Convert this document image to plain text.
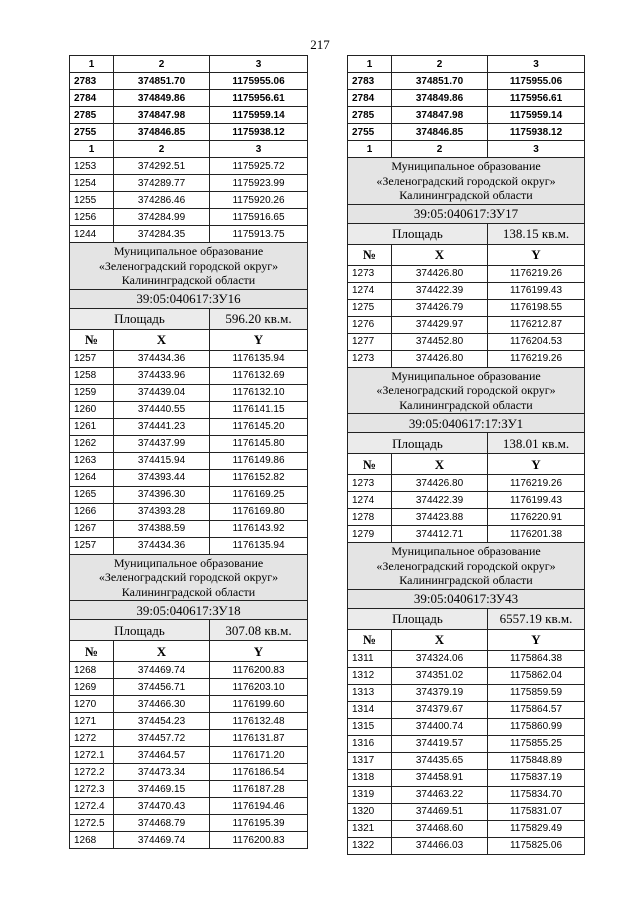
217
1	2	3
2783	374851.70	1175955.06
2784	374849.86	1175956.61
2785	374847.98	1175959.14
2755	374846.85	1175938.12
1	2	3
1253	374292.51	1175925.72
1254	374289.77	1175923.99
1255	374286.46	1175920.26
1256	374284.99	1175916.65
1244	374284.35	1175913.75
Муниципальное образование «Зеленоградский городской округ» Калининградской области		
39:05:040617:ЗУ16		
Площадь		596.20 кв.м.
№	X	Y
1257	374434.36	1176135.94
1258	374433.96	1176132.69
1259	374439.04	1176132.10
1260	374440.55	1176141.15
1261	374441.23	1176145.20
1262	374437.99	1176145.80
1263	374415.94	1176149.86
1264	374393.44	1176152.82
1265	374396.30	1176169.25
1266	374393.28	1176169.80
1267	374388.59	1176143.92
1257	374434.36	1176135.94
Муниципальное образование «Зеленоградский городской округ» Калининградской области		
39:05:040617:ЗУ18		
Площадь		307.08 кв.м.
№	X	Y
1268	374469.74	1176200.83
1269	374456.71	1176203.10
1270	374466.30	1176199.60
1271	374454.23	1176132.48
1272	374457.72	1176131.87
1272.1	374464.57	1176171.20
1272.2	374473.34	1176186.54
1272.3	374469.15	1176187.28
1272.4	374470.43	1176194.46
1272.5	374468.79	1176195.39
1268	374469.74	1176200.83
1	2	3
2783	374851.70	1175955.06
2784	374849.86	1175956.61
2785	374847.98	1175959.14
2755	374846.85	1175938.12
1	2	3
Муниципальное образование «Зеленоградский городской округ» Калининградской области		
39:05:040617:ЗУ17		
Площадь		138.15 кв.м.
№	X	Y
1273	374426.80	1176219.26
1274	374422.39	1176199.43
1275	374426.79	1176198.55
1276	374429.97	1176212.87
1277	374452.80	1176204.53
1273	374426.80	1176219.26
Муниципальное образование «Зеленоградский городской округ» Калининградской области		
39:05:040617:17:ЗУ1		
Площадь		138.01 кв.м.
№	X	Y
1273	374426.80	1176219.26
1274	374422.39	1176199.43
1278	374423.88	1176220.91
1279	374412.71	1176201.38
Муниципальное образование «Зеленоградский городской округ» Калининградской области		
39:05:040617:ЗУ43		
Площадь		6557.19 кв.м.
№	X	Y
1311	374324.06	1175864.38
1312	374351.02	1175862.04
1313	374379.19	1175859.59
1314	374379.67	1175864.57
1315	374400.74	1175860.99
1316	374419.57	1175855.25
1317	374435.65	1175848.89
1318	374458.91	1175837.19
1319	374463.22	1175834.70
1320	374469.51	1175831.07
1321	374468.60	1175829.49
1322	374466.03	1175825.06
